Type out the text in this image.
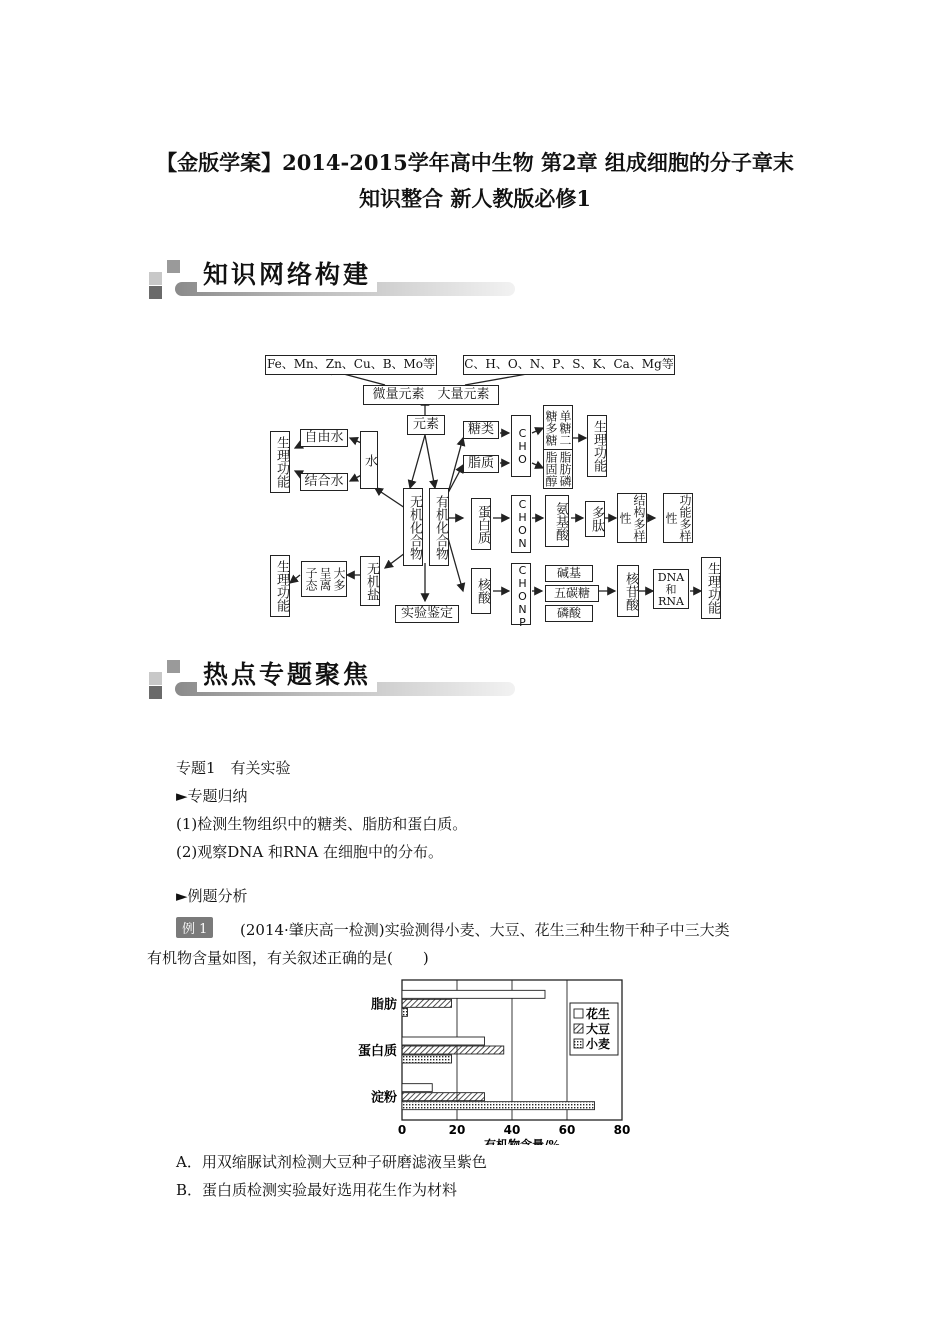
【金版学案】2014-2015学年高中生物 第2章 组成细胞的分子章末
知识整合 新人教版必修1
知识网络构建
Fe、Mn、Zn、Cu、B、Mo等 C、H、O、N、P、S、K、Ca、Mg等
微量元素　大量元素
元素
生理功能	自由水
结合水
水
无机化合物 有机化合物
糖类
脂质	CHO	单糖二糖多糖
脂肪磷脂固醇	生理功能
蛋白质	CHON	氨基酸	多肽	结构多样性	功能多样性
无机盐
大多呈离子态
生理功能
实验鉴定
核酸	CHONP	碱基
五碳糖
磷酸
核苷酸	DNA和RNA	生理功能
热点专题聚焦
专题1　有关实验
►专题归纳
(1)检测生物组织中的糖类、脂肪和蛋白质。
(2)观察DNA 和RNA 在细胞中的分布。
►例题分析
例 1	(2014·肇庆高一检测)实验测得小麦、大豆、花生三种生物干种子中三大类
有机物含量如图，有关叙述正确的是(　　)
0	20	40	60	80
脂肪
蛋白质
淀粉
有机物含量/%
花生
大豆
小麦
A．用双缩脲试剂检测大豆种子研磨滤液呈紫色
B．蛋白质检测实验最好选用花生作为材料
